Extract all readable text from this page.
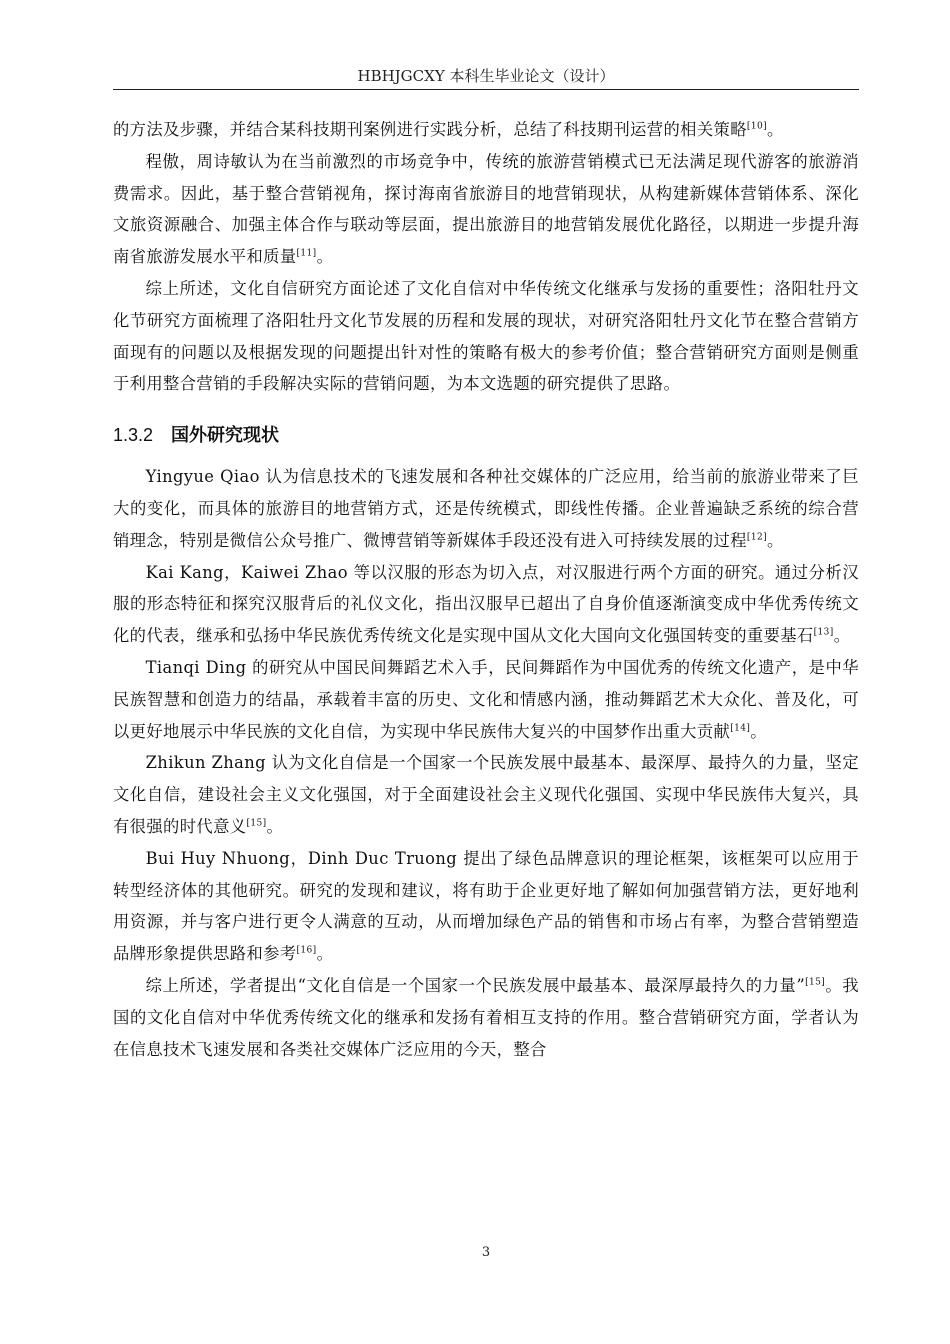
HBHJGCXY 本科生毕业论文（设计）

的方法及步骤，并结合某科技期刊案例进行实践分析，总结了科技期刊运营的相关策略[10]。

程傲，周诗敏认为在当前激烈的市场竞争中，传统的旅游营销模式已无法满足现代游客的旅游消费需求。因此，基于整合营销视角，探讨海南省旅游目的地营销现状，从构建新媒体营销体系、深化文旅资源融合、加强主体合作与联动等层面，提出旅游目的地营销发展优化路径，以期进一步提升海南省旅游发展水平和质量[11]。

综上所述，文化自信研究方面论述了文化自信对中华传统文化继承与发扬的重要性；洛阳牡丹文化节研究方面梳理了洛阳牡丹文化节发展的历程和发展的现状，对研究洛阳牡丹文化节在整合营销方面现有的问题以及根据发现的问题提出针对性的策略有极大的参考价值；整合营销研究方面则是侧重于利用整合营销的手段解决实际的营销问题，为本文选题的研究提供了思路。

1.3.2 国外研究现状

Yingyue Qiao 认为信息技术的飞速发展和各种社交媒体的广泛应用，给当前的旅游业带来了巨大的变化，而具体的旅游目的地营销方式，还是传统模式，即线性传播。企业普遍缺乏系统的综合营销理念，特别是微信公众号推广、微博营销等新媒体手段还没有进入可持续发展的过程[12]。

Kai Kang，Kaiwei Zhao 等以汉服的形态为切入点，对汉服进行两个方面的研究。通过分析汉服的形态特征和探究汉服背后的礼仪文化，指出汉服早已超出了自身价值逐渐演变成中华优秀传统文化的代表，继承和弘扬中华民族优秀传统文化是实现中国从文化大国向文化强国转变的重要基石[13]。

Tianqi Ding 的研究从中国民间舞蹈艺术入手，民间舞蹈作为中国优秀的传统文化遗产，是中华民族智慧和创造力的结晶，承载着丰富的历史、文化和情感内涵，推动舞蹈艺术大众化、普及化，可以更好地展示中华民族的文化自信，为实现中华民族伟大复兴的中国梦作出重大贡献[14]。

Zhikun Zhang 认为文化自信是一个国家一个民族发展中最基本、最深厚、最持久的力量，坚定文化自信，建设社会主义文化强国，对于全面建设社会主义现代化强国、实现中华民族伟大复兴，具有很强的时代意义[15]。

Bui Huy Nhuong，Dinh Duc Truong 提出了绿色品牌意识的理论框架，该框架可以应用于转型经济体的其他研究。研究的发现和建议，将有助于企业更好地了解如何加强营销方法，更好地利用资源，并与客户进行更令人满意的互动，从而增加绿色产品的销售和市场占有率，为整合营销塑造品牌形象提供思路和参考[16]。

综上所述，学者提出“文化自信是一个国家一个民族发展中最基本、最深厚最持久的力量”[15]。我国的文化自信对中华优秀传统文化的继承和发扬有着相互支持的作用。整合营销研究方面，学者认为在信息技术飞速发展和各类社交媒体广泛应用的今天，整合

3
